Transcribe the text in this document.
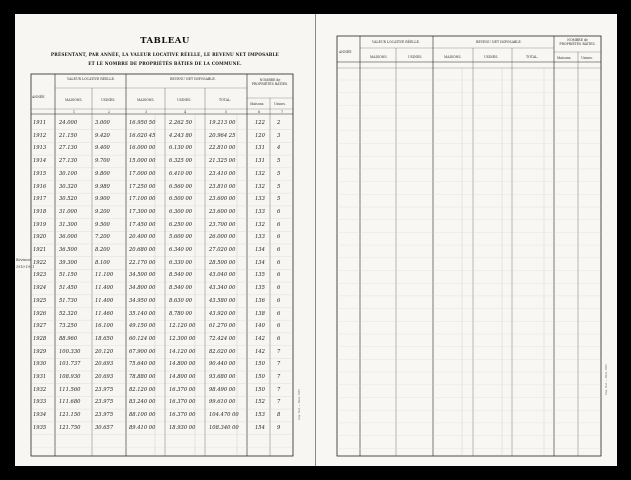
TABLEAU
PRÉSENTANT, PAR ANNÉE, LA VALEUR LOCATIVE RÉELLE, LE REVENU NET IMPOSABLE
ET LE NOMBRE DE PROPRIÉTÉS BÂTIES DE LA COMMUNE.
ANNÉE
VALEUR LOCATIVE RÉELLE.	REVENU NET IMPOSABLE.	NOMBRE de PROPRIÉTÉS BÂTIES.
MAISONS.	USINES.	MAISONS.	USINES.	TOTAL.
Maisons.	Usines.
1	2	3	4	5	6	7
1911 24.000	3.000	16.950 50	2.262 50	19.213 00	122 2
1912 21.150	9.420	16.020 45	4.243 80	20.964 25	120 3
1913 27.130	9.400	16.000 00	6.130 00	22.810 00	131 4
1914 27.130	9.700	15.000 00	6.325 00	21.325 00	131 5
1915 30.100	9.800	17.000 00	6.410 00	23.410 00	132 5
1916 30.320	9.980	17.250 00	6.560 00	23.810 00	132 5
1917 30.520	9.900	17.100 00	6.500 00	23.600 00	133 5
1918 31.000	9.200	17.300 00	6.300 00	23.600 00	133 6
1919 31.300	9.500	17.450 00	6.250 00	23.700 00	132 6
1920 36.000	7.200	20.400 00	5.600 00	26.000 00	133 6
1921 36.500	8.200	20.680 00	6.340 00	27.020 00	134 6
1922 39.300	8.100	22.170 00	6.330 00	28.500 00	134 6
1923 51.150	11.100	34.500 00	8.540 00	43.040 00	135 6
1924 51.450	11.400	34.800 00	8.540 00	43.340 00	135 6
1925 51.730	11.400	34.950 00	8.630 00	43.580 00	136 6
1926 52.320	11.460	35.140 00	8.780 00	43.920 00	138 6
1927 73.250	16.100	49.150 00	12.120 00	61.270 00	140 6
1928 88.960	18.650	60.124 00	12.300 00	72.424 00	142 6
1929 100.330	20.120	67.900 00	14.120 00	82.020 00	142 7
1930 101.737	20.693	75.640 00	14.800 00	90.440 00	150 7
1931 108.930	20.693	78.880 00	14.800 00	93.680 00	150 7
1932 111.560	23.975	82.120 00	16.370 00	98.490 00	150 7
1933 111.680	23.975	83.240 00	16.370 00	99.610 00	152 7
1934 121.150	23.975	88.100 00	16.370 00	104.470 00	153 8
1935 121.750	30.657	89.410 00	18.930 00	108.340 00	154 9
Révision
1910-1911
Imp. Nat. — Mod. 1885
ANNÉE
VALEUR LOCATIVE RÉELLE.	REVENU NET IMPOSABLE.	NOMBRE de PROPRIÉTÉS BÂTIES.
MAISONS.	USINES.	MAISONS.	USINES.	TOTAL.	Maisons.	Usines.
Imp. Nat. — Mod. 1885
